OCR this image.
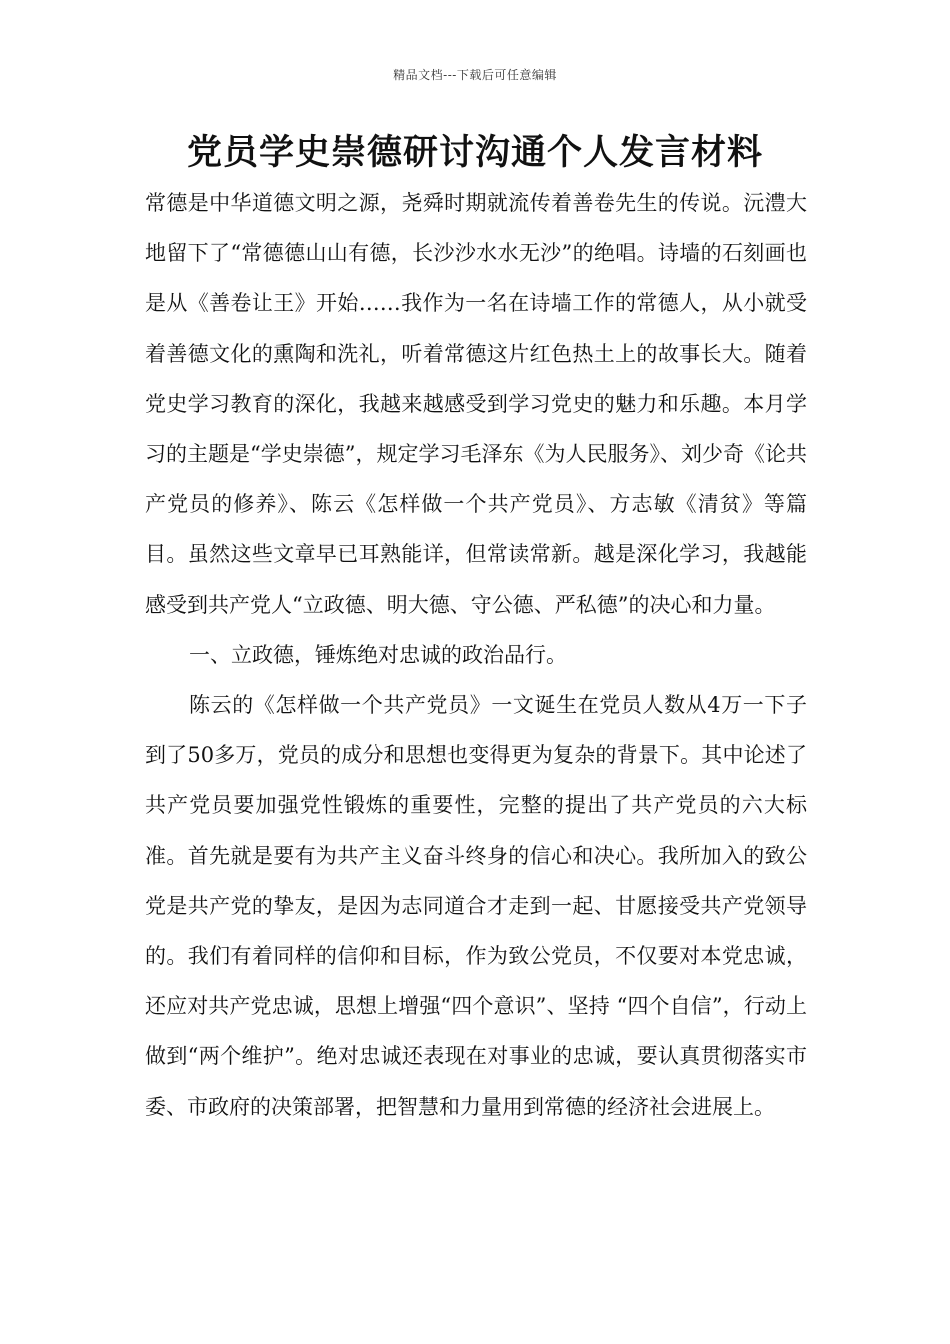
精品文档---下载后可任意编辑
党员学史崇德研讨沟通个人发言材料

常德是中华道德文明之源，尧舜时期就流传着善卷先生的传说。沅澧大地留下了“常德德山山有德，长沙沙水水无沙”的绝唱。诗墙的石刻画也是从《善卷让王》开始……我作为一名在诗墙工作的常德人，从小就受着善德文化的熏陶和洗礼，听着常德这片红色热土上的故事长大。随着党史学习教育的深化，我越来越感受到学习党史的魅力和乐趣。本月学习的主题是“学史崇德”，规定学习毛泽东《为人民服务》、刘少奇《论共产党员的修养》、陈云《怎样做一个共产党员》、方志敏《清贫》等篇目。虽然这些文章早已耳熟能详，但常读常新。越是深化学习，我越能感受到共产党人“立政德、明大德、守公德、严私德”的决心和力量。

一、立政德，锤炼绝对忠诚的政治品行。

陈云的《怎样做一个共产党员》一文诞生在党员人数从4万一下子到了50多万，党员的成分和思想也变得更为复杂的背景下。其中论述了共产党员要加强党性锻炼的重要性，完整的提出了共产党员的六大标准。首先就是要有为共产主义奋斗终身的信心和决心。我所加入的致公党是共产党的挚友，是因为志同道合才走到一起、甘愿接受共产党领导的。我们有着同样的信仰和目标，作为致公党员，不仅要对本党忠诚，还应对共产党忠诚，思想上增强“四个意识”、坚持 “四个自信”，行动上做到“两个维护”。绝对忠诚还表现在对事业的忠诚，要认真贯彻落实市委、市政府的决策部署，把智慧和力量用到常德的经济社会进展上。
